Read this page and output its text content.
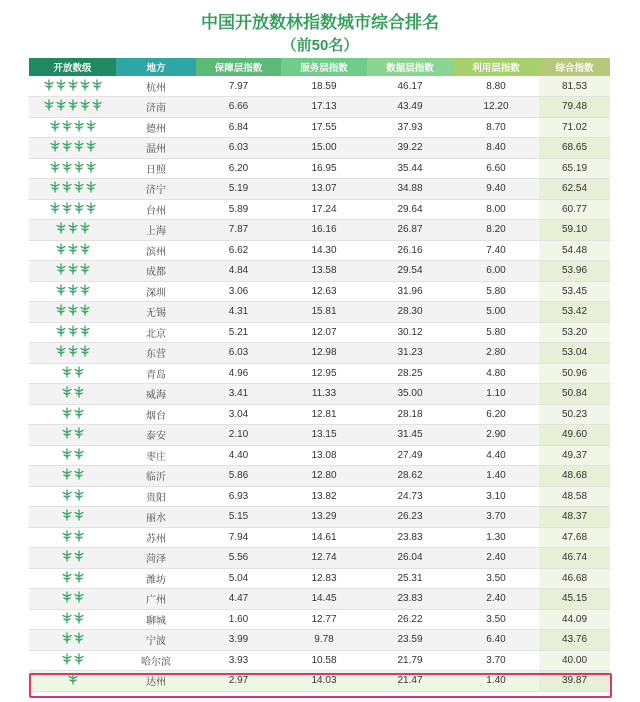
中国开放数林指数城市综合排名
（前50名）
开放数级	地方	保障层指数	服务层指数	数据层指数	利用层指数	综合指数

	杭州	7.97	18.59	46.17	8.80	81.53

	济南	6.66	17.13	43.49	12.20	79.48

	德州	6.84	17.55	37.93	8.70	71.02

	温州	6.03	15.00	39.22	8.40	68.65

	日照	6.20	16.95	35.44	6.60	65.19

	济宁	5.19	13.07	34.88	9.40	62.54

	台州	5.89	17.24	29.64	8.00	60.77

	上海	7.87	16.16	26.87	8.20	59.10

	滨州	6.62	14.30	26.16	7.40	54.48

	成都	4.84	13.58	29.54	6.00	53.96

	深圳	3.06	12.63	31.96	5.80	53.45

	无锡	4.31	15.81	28.30	5.00	53.42

	北京	5.21	12.07	30.12	5.80	53.20

	东营	6.03	12.98	31.23	2.80	53.04

	青岛	4.96	12.95	28.25	4.80	50.96

	威海	3.41	11.33	35.00	1.10	50.84

	烟台	3.04	12.81	28.18	6.20	50.23

	泰安	2.10	13.15	31.45	2.90	49.60

	枣庄	4.40	13.08	27.49	4.40	49.37

	临沂	5.86	12.80	28.62	1.40	48.68

	贵阳	6.93	13.82	24.73	3.10	48.58

	丽水	5.15	13.29	26.23	3.70	48.37

	苏州	7.94	14.61	23.83	1.30	47.68

	菏泽	5.56	12.74	26.04	2.40	46.74

	潍坊	5.04	12.83	25.31	3.50	46.68

	广州	4.47	14.45	23.83	2.40	45.15

	聊城	1.60	12.77	26.22	3.50	44.09

	宁波	3.99	9.78	23.59	6.40	43.76

	哈尔滨	3.93	10.58	21.79	3.70	40.00

	达州	2.97	14.03	21.47	1.40	39.87
